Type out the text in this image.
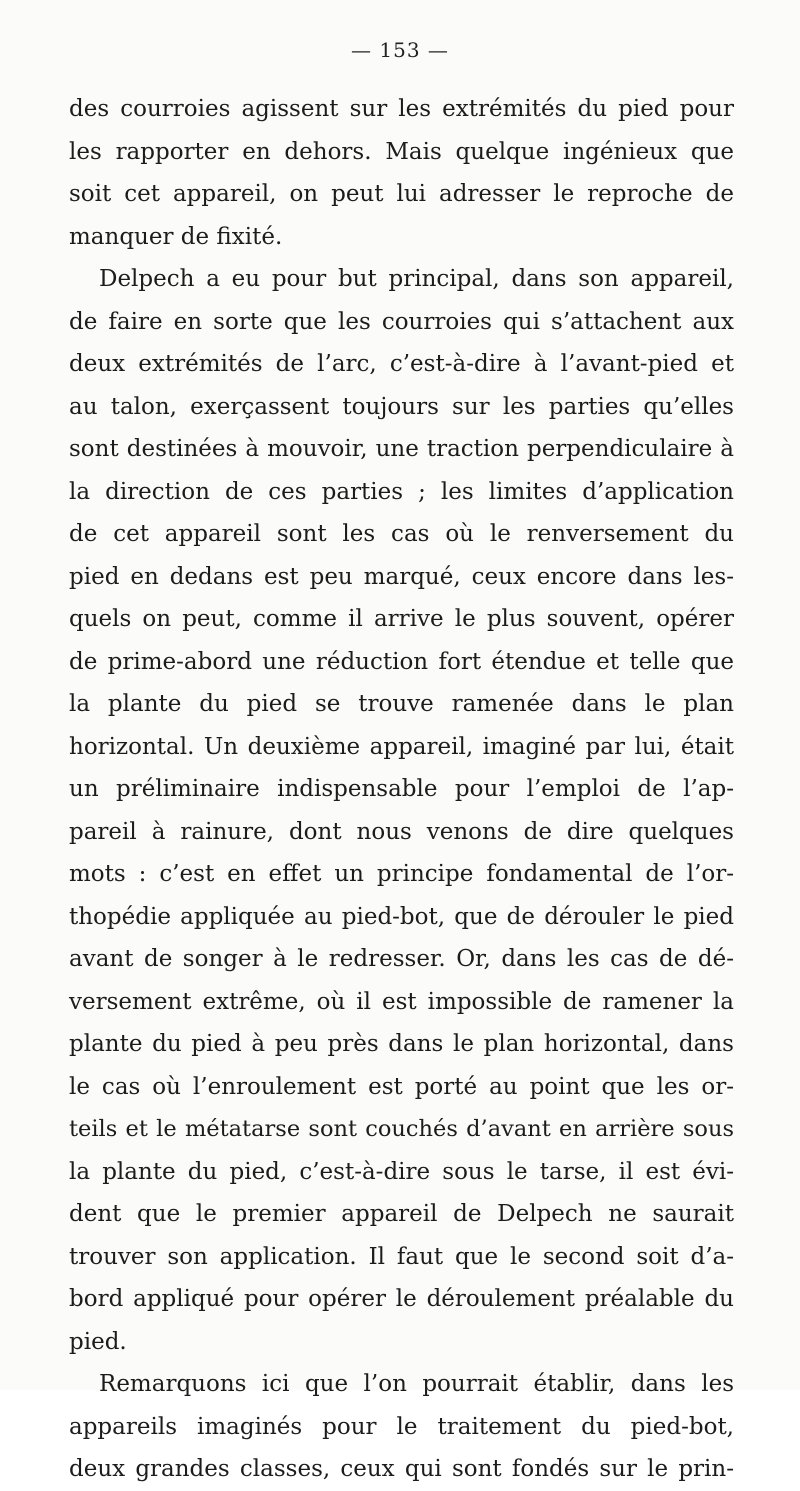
— 153 —
des courroies agissent sur les extrémités du pied pour
les rapporter en dehors. Mais quelque ingénieux que
soit cet appareil, on peut lui adresser le reproche de
manquer de fixité.
Delpech a eu pour but principal, dans son appareil,
de faire en sorte que les courroies qui s’attachent aux
deux extrémités de l’arc, c’est-à-dire à l’avant-pied et
au talon, exerçassent toujours sur les parties qu’elles
sont destinées à mouvoir, une traction perpendiculaire à
la direction de ces parties ; les limites d’application
de cet appareil sont les cas où le renversement du
pied en dedans est peu marqué, ceux encore dans les-
quels on peut, comme il arrive le plus souvent, opérer
de prime-abord une réduction fort étendue et telle que
la plante du pied se trouve ramenée dans le plan
horizontal. Un deuxième appareil, imaginé par lui, était
un préliminaire indispensable pour l’emploi de l’ap-
pareil à rainure, dont nous venons de dire quelques
mots : c’est en effet un principe fondamental de l’or-
thopédie appliquée au pied-bot, que de dérouler le pied
avant de songer à le redresser. Or, dans les cas de dé-
versement extrême, où il est impossible de ramener la
plante du pied à peu près dans le plan horizontal, dans
le cas où l’enroulement est porté au point que les or-
teils et le métatarse sont couchés d’avant en arrière sous
la plante du pied, c’est-à-dire sous le tarse, il est évi-
dent que le premier appareil de Delpech ne saurait
trouver son application. Il faut que le second soit d’a-
bord appliqué pour opérer le déroulement préalable du
pied.
Remarquons ici que l’on pourrait établir, dans les
appareils imaginés pour le traitement du pied-bot,
deux grandes classes, ceux qui sont fondés sur le prin-
